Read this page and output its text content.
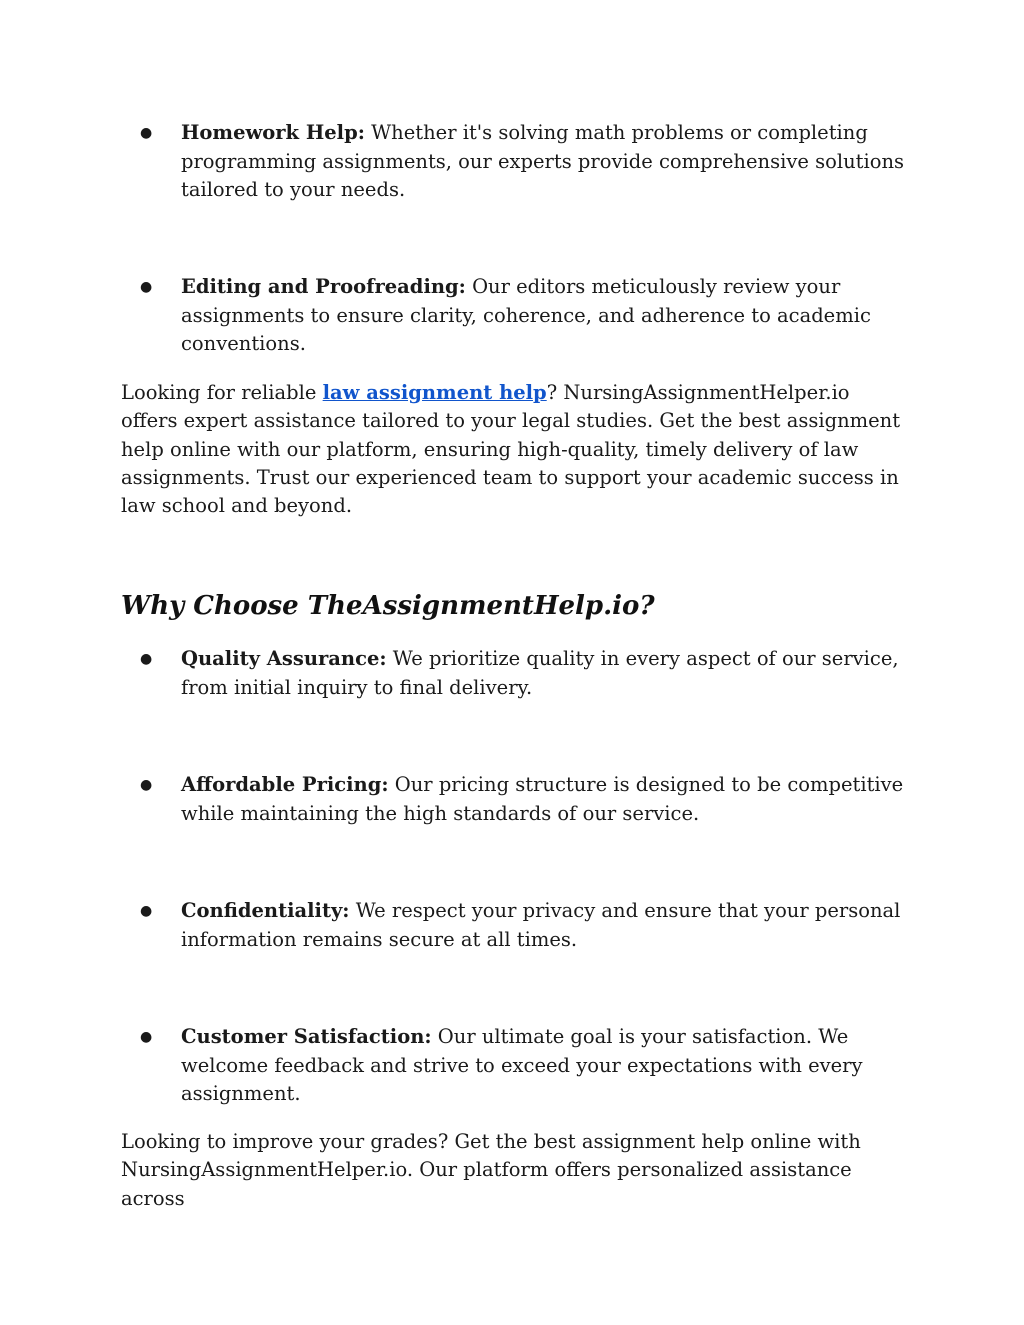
●	Homework Help: Whether it's solving math problems or completing programming assignments, our experts provide comprehensive solutions tailored to your needs.
●	Editing and Proofreading: Our editors meticulously review your assignments to ensure clarity, coherence, and adherence to academic conventions.
Looking for reliable law assignment help? NursingAssignmentHelper.io offers expert assistance tailored to your legal studies. Get the best assignment help online with our platform, ensuring high-quality, timely delivery of law assignments. Trust our experienced team to support your academic success in law school and beyond.
Why Choose TheAssignmentHelp.io?
●	Quality Assurance: We prioritize quality in every aspect of our service, from initial inquiry to final delivery.
●	Affordable Pricing: Our pricing structure is designed to be competitive while maintaining the high standards of our service.
●	Confidentiality: We respect your privacy and ensure that your personal information remains secure at all times.
●	Customer Satisfaction: Our ultimate goal is your satisfaction. We welcome feedback and strive to exceed your expectations with every assignment.
Looking to improve your grades? Get the best assignment help online with NursingAssignmentHelper.io. Our platform offers personalized assistance across
